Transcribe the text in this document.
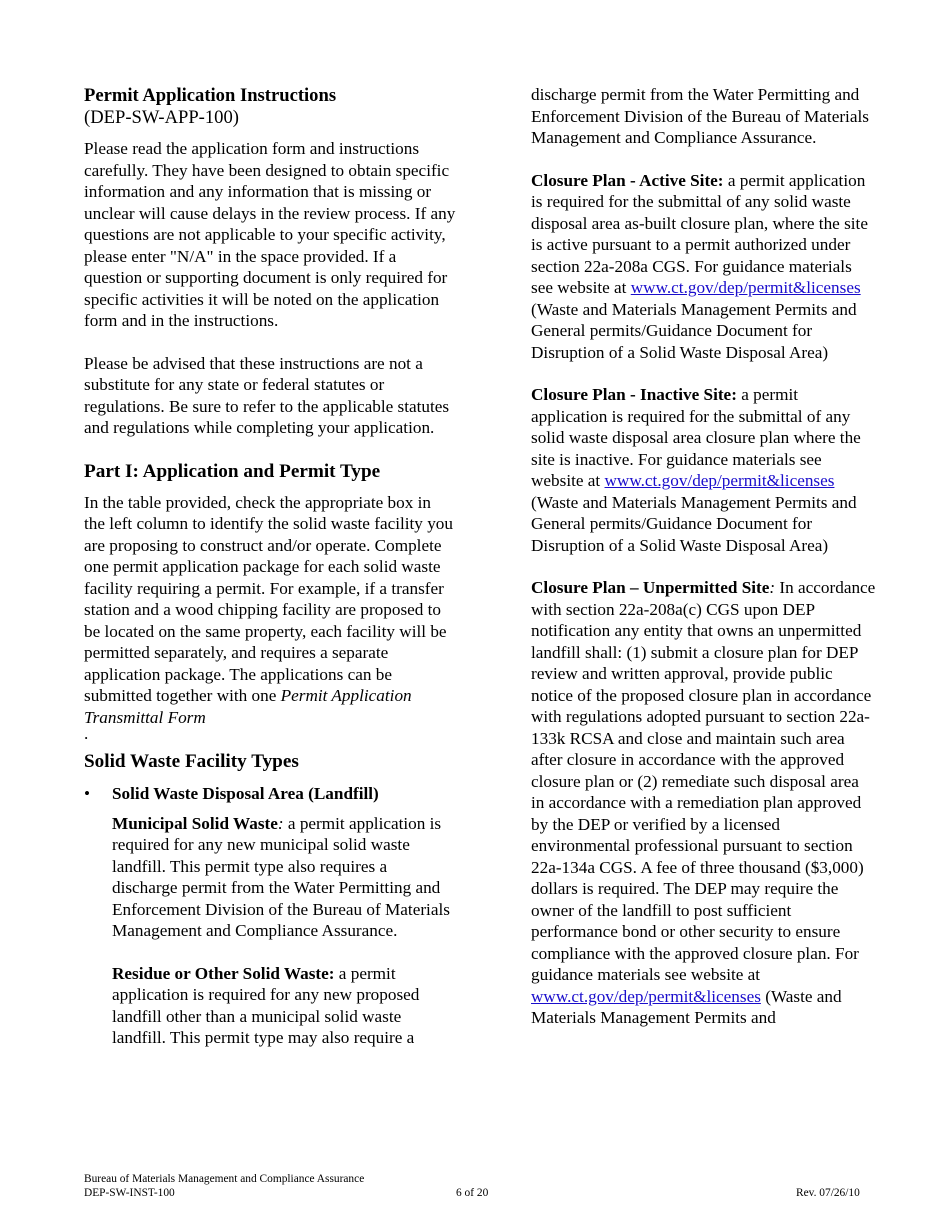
Permit Application Instructions

(DEP-SW-APP-100)

Please read the application form and instructions carefully. They have been designed to obtain specific information and any information that is missing or unclear will cause delays in the review process. If any questions are not applicable to your specific activity, please enter "N/A" in the space provided. If a question or supporting document is only required for specific activities it will be noted on the application form and in the instructions.

Please be advised that these instructions are not a substitute for any state or federal statutes or regulations. Be sure to refer to the applicable statutes and regulations while completing your application.

Part I: Application and Permit Type

In the table provided, check the appropriate box in the left column to identify the solid waste facility you are proposing to construct and/or operate. Complete one permit application package for each solid waste facility requiring a permit. For example, if a transfer station and a wood chipping facility are proposed to be located on the same property, each facility will be permitted separately, and requires a separate application package. The applications can be submitted together with one Permit Application Transmittal Form

.

Solid Waste Facility Types
• Solid Waste Disposal Area (Landfill)

Municipal Solid Waste: a permit application is required for any new municipal solid waste landfill. This permit type also requires a discharge permit from the Water Permitting and Enforcement Division of the Bureau of Materials Management and Compliance Assurance.

Residue or Other Solid Waste: a permit application is required for any new proposed landfill other than a municipal solid waste landfill. This permit type may also require a

discharge permit from the Water Permitting and Enforcement Division of the Bureau of Materials Management and Compliance Assurance.

Closure Plan - Active Site: a permit application is required for the submittal of any solid waste disposal area as-built closure plan, where the site is active pursuant to a permit authorized under section 22a-208a CGS. For guidance materials see website at www.ct.gov/dep/permit&licenses (Waste and Materials Management Permits and General permits/Guidance Document for Disruption of a Solid Waste Disposal Area)

Closure Plan - Inactive Site: a permit application is required for the submittal of any solid waste disposal area closure plan where the site is inactive. For guidance materials see website at www.ct.gov/dep/permit&licenses (Waste and Materials Management Permits and General permits/Guidance Document for Disruption of a Solid Waste Disposal Area)

Closure Plan – Unpermitted Site: In accordance with section 22a-208a(c) CGS upon DEP notification any entity that owns an unpermitted landfill shall: (1) submit a closure plan for DEP review and written approval, provide public notice of the proposed closure plan in accordance with regulations adopted pursuant to section 22a-133k RCSA and close and maintain such area after closure in accordance with the approved closure plan or (2) remediate such disposal area in accordance with a remediation plan approved by the DEP or verified by a licensed environmental professional pursuant to section 22a-134a CGS. A fee of three thousand ($3,000) dollars is required. The DEP may require the owner of the landfill to post sufficient performance bond or other security to ensure compliance with the approved closure plan. For guidance materials see website at www.ct.gov/dep/permit&licenses (Waste and Materials Management Permits and

Bureau of Materials Management and Compliance Assurance
DEP-SW-INST-100	6 of 20	Rev. 07/26/10
